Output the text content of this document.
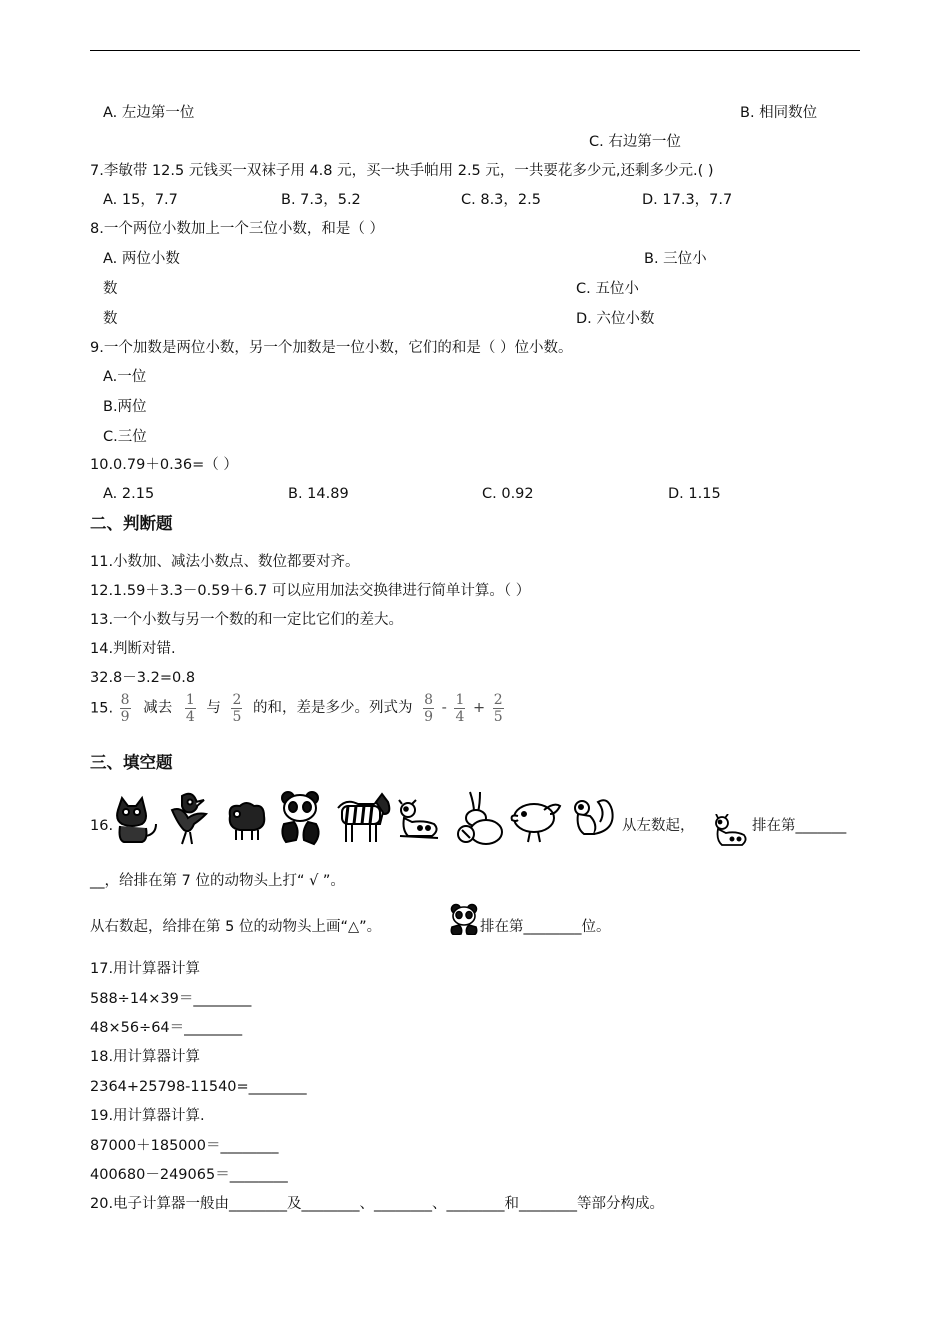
A. 左边第一位	B. 相同数位
C. 右边第一位
7.李敏带 12.5 元钱买一双袜子用 4.8 元，买一块手帕用 2.5 元，一共要花多少元,还剩多少元.( )
A. 15，7.7	B. 7.3，5.2	C. 8.3，2.5	D. 17.3，7.7
8.一个两位小数加上一个三位小数，和是（ ）
A. 两位小数	B. 三位小
数	C. 五位小
数	D. 六位小数
9.一个加数是两位小数，另一个加数是一位小数，它们的和是（ ）位小数。
A.一位
B.两位
C.三位
10.0.79＋0.36=（ ）
A. 2.15	B. 14.89	C. 0.92	D. 1.15
二、判断题
11.小数加、减法小数点、数位都要对齐。
12.1.59＋3.3－0.59＋6.7 可以应用加法交换律进行简单计算。（ ）
13.一个小数与另一个数的和一定比它们的差大。
14.判断对错.
32.8－3.2=0.8
15. $\frac{8}{9}$ 减去 $\frac{1}{4}$ 与 $\frac{2}{5}$ 的和，差是多少。列式为 $\frac{8}{9} - \frac{1}{4} + \frac{2}{5}$
三、填空题
16.	从左数起，	排在第_______
__，给排在第 7 位的动物头上打“ √ ”。
从右数起，给排在第 5 位的动物头上画“△”。	排在第________位。
17.用计算器计算
588÷14×39＝________
48×56÷64＝________
18.用计算器计算
2364+25798-11540=________
19.用计算器计算.
87000＋185000＝________
400680－249065＝________
20.电子计算器一般由________及________、________、________和________等部分构成。
